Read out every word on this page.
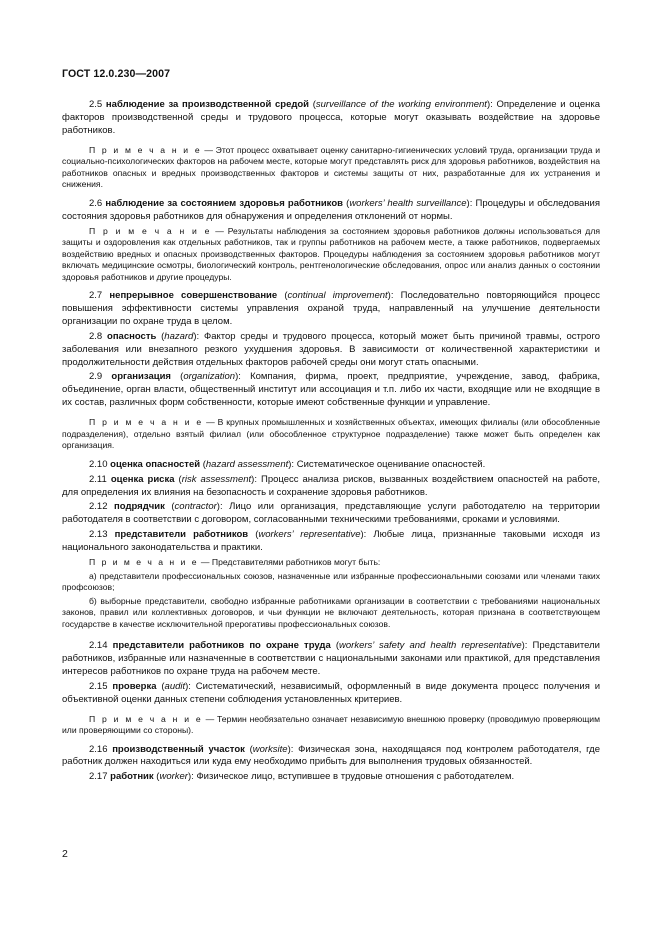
ГОСТ 12.0.230—2007

2.5 наблюдение за производственной средой (surveillance of the working environment): Определение и оценка факторов производственной среды и трудового процесса, которые могут оказывать воздействие на здоровье работников.

П р и м е ч а н и е — Этот процесс охватывает оценку санитарно-гигиенических условий труда, организации труда и социально-психологических факторов на рабочем месте, которые могут представлять риск для здоровья работников, воздействия на работников опасных и вредных производственных факторов и системы защиты от них, разработанные для их устранения и снижения.

2.6 наблюдение за состоянием здоровья работников (workers’ health surveillance): Процедуры и обследования состояния здоровья работников для обнаружения и определения отклонений от нормы.

П р и м е ч а н и е — Результаты наблюдения за состоянием здоровья работников должны использоваться для защиты и оздоровления как отдельных работников, так и группы работников на рабочем месте, а также работников, подвергаемых воздействию вредных и опасных производственных факторов. Процедуры наблюдения за состоянием здоровья работников могут включать медицинские осмотры, биологический контроль, рентгенологические обследования, опрос или анализ данных о состоянии здоровья работников и другие процедуры.

2.7 непрерывное совершенствование (continual improvement): Последовательно повторяющийся процесс повышения эффективности системы управления охраной труда, направленный на улучшение деятельности организации по охране труда в целом.

2.8 опасность (hazard): Фактор среды и трудового процесса, который может быть причиной травмы, острого заболевания или внезапного резкого ухудшения здоровья. В зависимости от количественной характеристики и продолжительности действия отдельных факторов рабочей среды они могут стать опасными.

2.9 организация (organization): Компания, фирма, проект, предприятие, учреждение, завод, фабрика, объединение, орган власти, общественный институт или ассоциация и т.п. либо их части, входящие или не входящие в их состав, различных форм собственности, которые имеют собственные функции и управление.

П р и м е ч а н и е — В крупных промышленных и хозяйственных объектах, имеющих филиалы (или обособленные подразделения), отдельно взятый филиал (или обособленное структурное подразделение) также может быть определен как организация.

2.10 оценка опасностей (hazard assessment): Систематическое оценивание опасностей.

2.11 оценка риска (risk assessment): Процесс анализа рисков, вызванных воздействием опасностей на работе, для определения их влияния на безопасность и сохранение здоровья работников.

2.12 подрядчик (contractor): Лицо или организация, представляющие услуги работодателю на территории работодателя в соответствии с договором, согласованными техническими требованиями, сроками и условиями.

2.13 представители работников (workers’ representative): Любые лица, признанные таковыми исходя из национального законодательства и практики.

П р и м е ч а н и е — Представителями работников могут быть:

а) представители профессиональных союзов, назначенные или избранные профессиональными союзами или членами таких профсоюзов;

б) выборные представители, свободно избранные работниками организации в соответствии с требованиями национальных законов, правил или коллективных договоров, и чьи функции не включают деятельность, которая признана в соответствующем государстве в качестве исключительной прерогативы профессиональных союзов.

2.14 представители работников по охране труда (workers’ safety and health representative): Представители работников, избранные или назначенные в соответствии с национальными законами или практикой, для представления интересов работников по охране труда на рабочем месте.

2.15 проверка (audit): Систематический, независимый, оформленный в виде документа процесс получения и объективной оценки данных степени соблюдения установленных критериев.

П р и м е ч а н и е — Термин необязательно означает независимую внешнюю проверку (проводимую проверяющим или проверяющими со стороны).

2.16 производственный участок (worksite): Физическая зона, находящаяся под контролем работодателя, где работник должен находиться или куда ему необходимо прибыть для выполнения трудовых обязанностей.

2.17 работник (worker): Физическое лицо, вступившее в трудовые отношения с работодателем.

2
